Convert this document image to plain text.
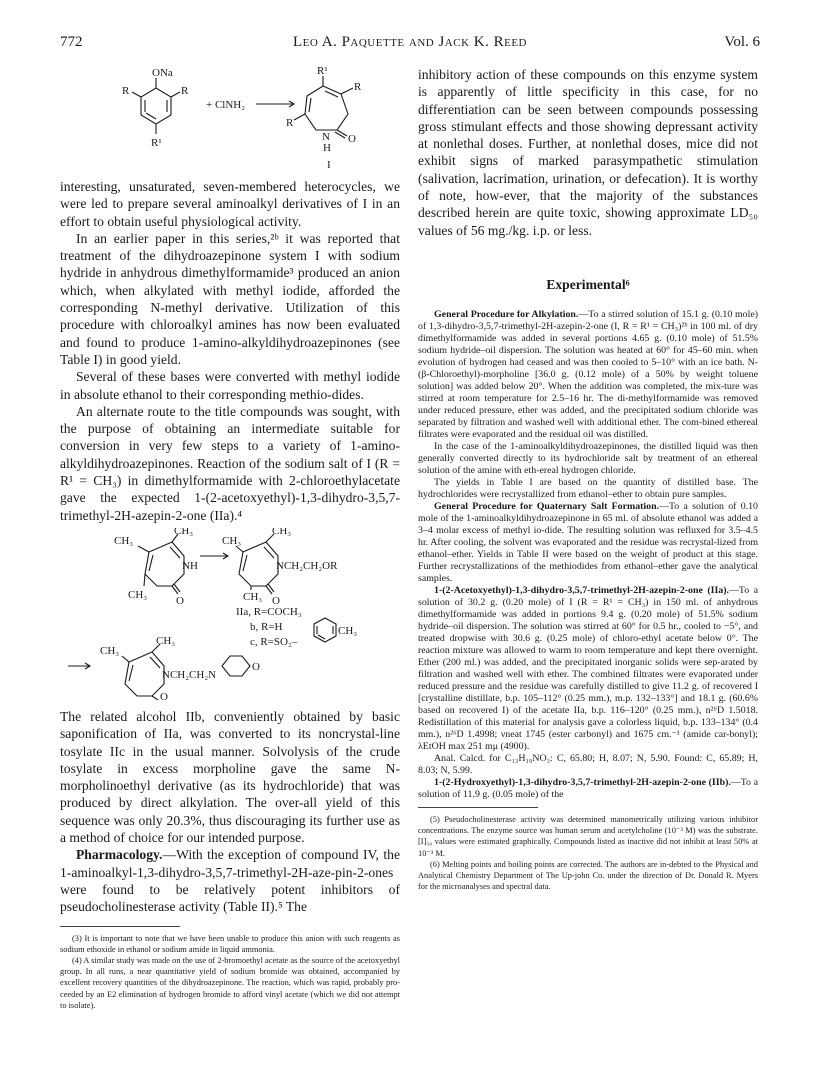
772	Leo A. Paquette and Jack K. Reed	Vol. 6
ONa
R	R
R¹
+ ClNH₂
R¹
R
O
R
N
H
I

interesting, unsaturated, seven-membered heterocycles, we were led to prepare several aminoalkyl derivatives of I in an effort to obtain useful physiological activity.

In an earlier paper in this series,²ᵇ it was reported that treatment of the dihydroazepinone system I with sodium hydride in anhydrous dimethylformamide³ produced an anion which, when alkylated with methyl iodide, afforded the corresponding N-methyl derivative. Utilization of this procedure with chloroalkyl amines has now been evaluated and found to produce 1-amino-alkyldihydroazepinones (see Table I) in good yield.

Several of these bases were converted with methyl iodide in absolute ethanol to their corresponding methio-dides.

An alternate route to the title compounds was sought, with the purpose of obtaining an intermediate suitable for conversion in very few steps to a variety of 1-amino-alkyldihydroazepinones. Reaction of the sodium salt of I (R = R¹ = CH₃) in dimethylformamide with 2-chloroethylacetate gave the expected 1-(2-acetoxyethyl)-1,3-dihydro-3,5,7-trimethyl-2H-azepin-2-one (IIa).⁴

CH₃
CH₃
CH₃
NH
O
CH₃
CH₃
CH₃
NCH₂CH₂OR
O
IIa, R=COCH₃
b, R=H
c, R=SO₂–
CH₃
CH₃
CH₃
NCH₂CH₂N
O
O

The related alcohol IIb, conveniently obtained by basic saponification of IIa, was converted to its noncrystal-line tosylate IIc in the usual manner. Solvolysis of the crude tosylate in excess morpholine gave the same N-morpholinoethyl derivative (as its hydrochloride) that was produced by direct alkylation. The over-all yield of this sequence was only 20.3%, thus discouraging its further use as a method of choice for our intended purpose.

Pharmacology.—With the exception of compound IV, the 1-aminoalkyl-1,3-dihydro-3,5,7-trimethyl-2H-aze-pin-2-ones were found to be relatively potent inhibitors of pseudocholinesterase activity (Table II).⁵ The

(3) It is important to note that we have been unable to produce this anion with such reagents as sodium ethoxide in ethanol or sodium amide in liquid ammonia.

(4) A similar study was made on the use of 2-bromoethyl acetate as the source of the acetoxyethyl group. In all runs, a near quantitative yield of sodium bromide was obtained, accompanied by excellent recovery quantities of the dihydroazepinone. The reaction, which was rapid, probably pro-ceeded by an E2 elimination of hydrogen bromide to afford vinyl acetate (which we did not attempt to isolate).

inhibitory action of these compounds on this enzyme system is apparently of little specificity in this case, for no differentiation can be seen between compounds possessing gross stimulant effects and those showing depressant activity at nonlethal doses. Further, at nonlethal doses, mice did not exhibit signs of marked parasympathetic stimulation (salivation, lacrimation, urination, or defecation). It is worthy of note, how-ever, that the majority of the substances described herein are quite toxic, showing approximate LD₅₀ values of 56 mg./kg. i.p. or less.

Experimental⁶

General Procedure for Alkylation.—To a stirred solution of 15.1 g. (0.10 mole) of 1,3-dihydro-3,5,7-trimethyl-2H-azepin-2-one (I, R = R¹ = CH₃)²ᵇ in 100 ml. of dry dimethylformamide was added in several portions 4.65 g. (0.10 mole) of 51.5% sodium hydride–oil dispersion. The solution was heated at 60° for 45–60 min. when evolution of hydrogen had ceased and was then cooled to 5–10° with an ice bath. N-(β-Chloroethyl)-morpholine [36.0 g. (0.12 mole) of a 50% by weight toluene solution] was added below 20°. When the addition was completed, the mix-ture was stirred at room temperature for 2.5–16 hr. The di-methylformamide was removed under reduced pressure, ether was added, and the precipitated sodium chloride was separated by filtration and washed well with additional ether. The com-bined ethereal filtrates were evaporated and the residual oil was distilled.

In the case of the 1-aminoalkyldihydroazepinones, the distilled liquid was then generally converted directly to its hydrochloride salt by treatment of an ethereal solution of the amine with eth-ereal hydrogen chloride.

The yields in Table I are based on the quantity of distilled base. The hydrochlorides were recrystallized from ethanol–ether to obtain pure samples.

General Procedure for Quaternary Salt Formation.—To a solution of 0.10 mole of the 1-aminoalkyldihydroazepinone in 65 ml. of absolute ethanol was added a 3–4 molar excess of methyl io-dide. The resulting solution was refluxed for 3.5–4.5 hr. After cooling, the solvent was evaporated and the residue was recrystal-lized from ethanol–ether. Yields in Table II were based on the weight of product at this stage. Further recrystallizations of the methiodides from ethanol–ether gave the analytical samples.

1-(2-Acetoxyethyl)-1,3-dihydro-3,5,7-trimethyl-2H-azepin-2-one (IIa).—To a solution of 30.2 g. (0.20 mole) of I (R = R¹ = CH₃) in 150 ml. of anhydrous dimethylformamide was added in portions 9.4 g. (0.20 mole) of 51.5% sodium hydride–oil dispersion. The solution was stirred at 60° for 0.5 hr., cooled to −5°, and treated dropwise with 30.6 g. (0.25 mole) of chloro-ethyl acetate below 0°. The reaction mixture was allowed to warm to room temperature and kept there overnight. Ether (200 ml.) was added, and the precipitated inorganic solids were sep-arated by filtration and washed well with ether. The combined filtrates were evaporated under reduced pressure and the residue was carefully distilled to give 11.2 g. of recovered I [crystalline distillate, b.p. 105–112° (0.25 mm.), m.p. 132–133°] and 18.1 g. (60.6% based on recovered I) of the acetate IIa, b.p. 116–120° (0.25 mm.), n²⁶D 1.5018. Redistillation of this material for analysis gave a colorless liquid, b.p. 133–134° (0.4 mm.), n²⁶D 1.4998; νneat 1745 (ester carbonyl) and 1675 cm.⁻¹ (amide car-bonyl); λEtOH max 251 mμ (4900).

Anal. Calcd. for C₁₃H₁₉NO₃: C, 65.80; H, 8.07; N, 5.90. Found: C, 65.89; H, 8.03; N, 5.99.

1-(2-Hydroxyethyl)-1,3-dihydro-3,5,7-trimethyl-2H-azepin-2-one (IIb).—To a solution of 11.9 g. (0.05 mole) of the

(5) Pseudocholinesterase activity was determined manometrically utilizing various inhibitor concentrations. The enzyme source was human serum and acetylcholine (10⁻³ M) was the substrate. [I]₅₀ values were estimated graphically. Compounds listed as inactive did not inhibit at least 50% at 10⁻³ M.

(6) Melting points and boiling points are corrected. The authors are in-debted to the Physical and Analytical Chemistry Department of The Up-john Co. under the direction of Dr. Donald R. Myers for the microanalyses and spectral data.
